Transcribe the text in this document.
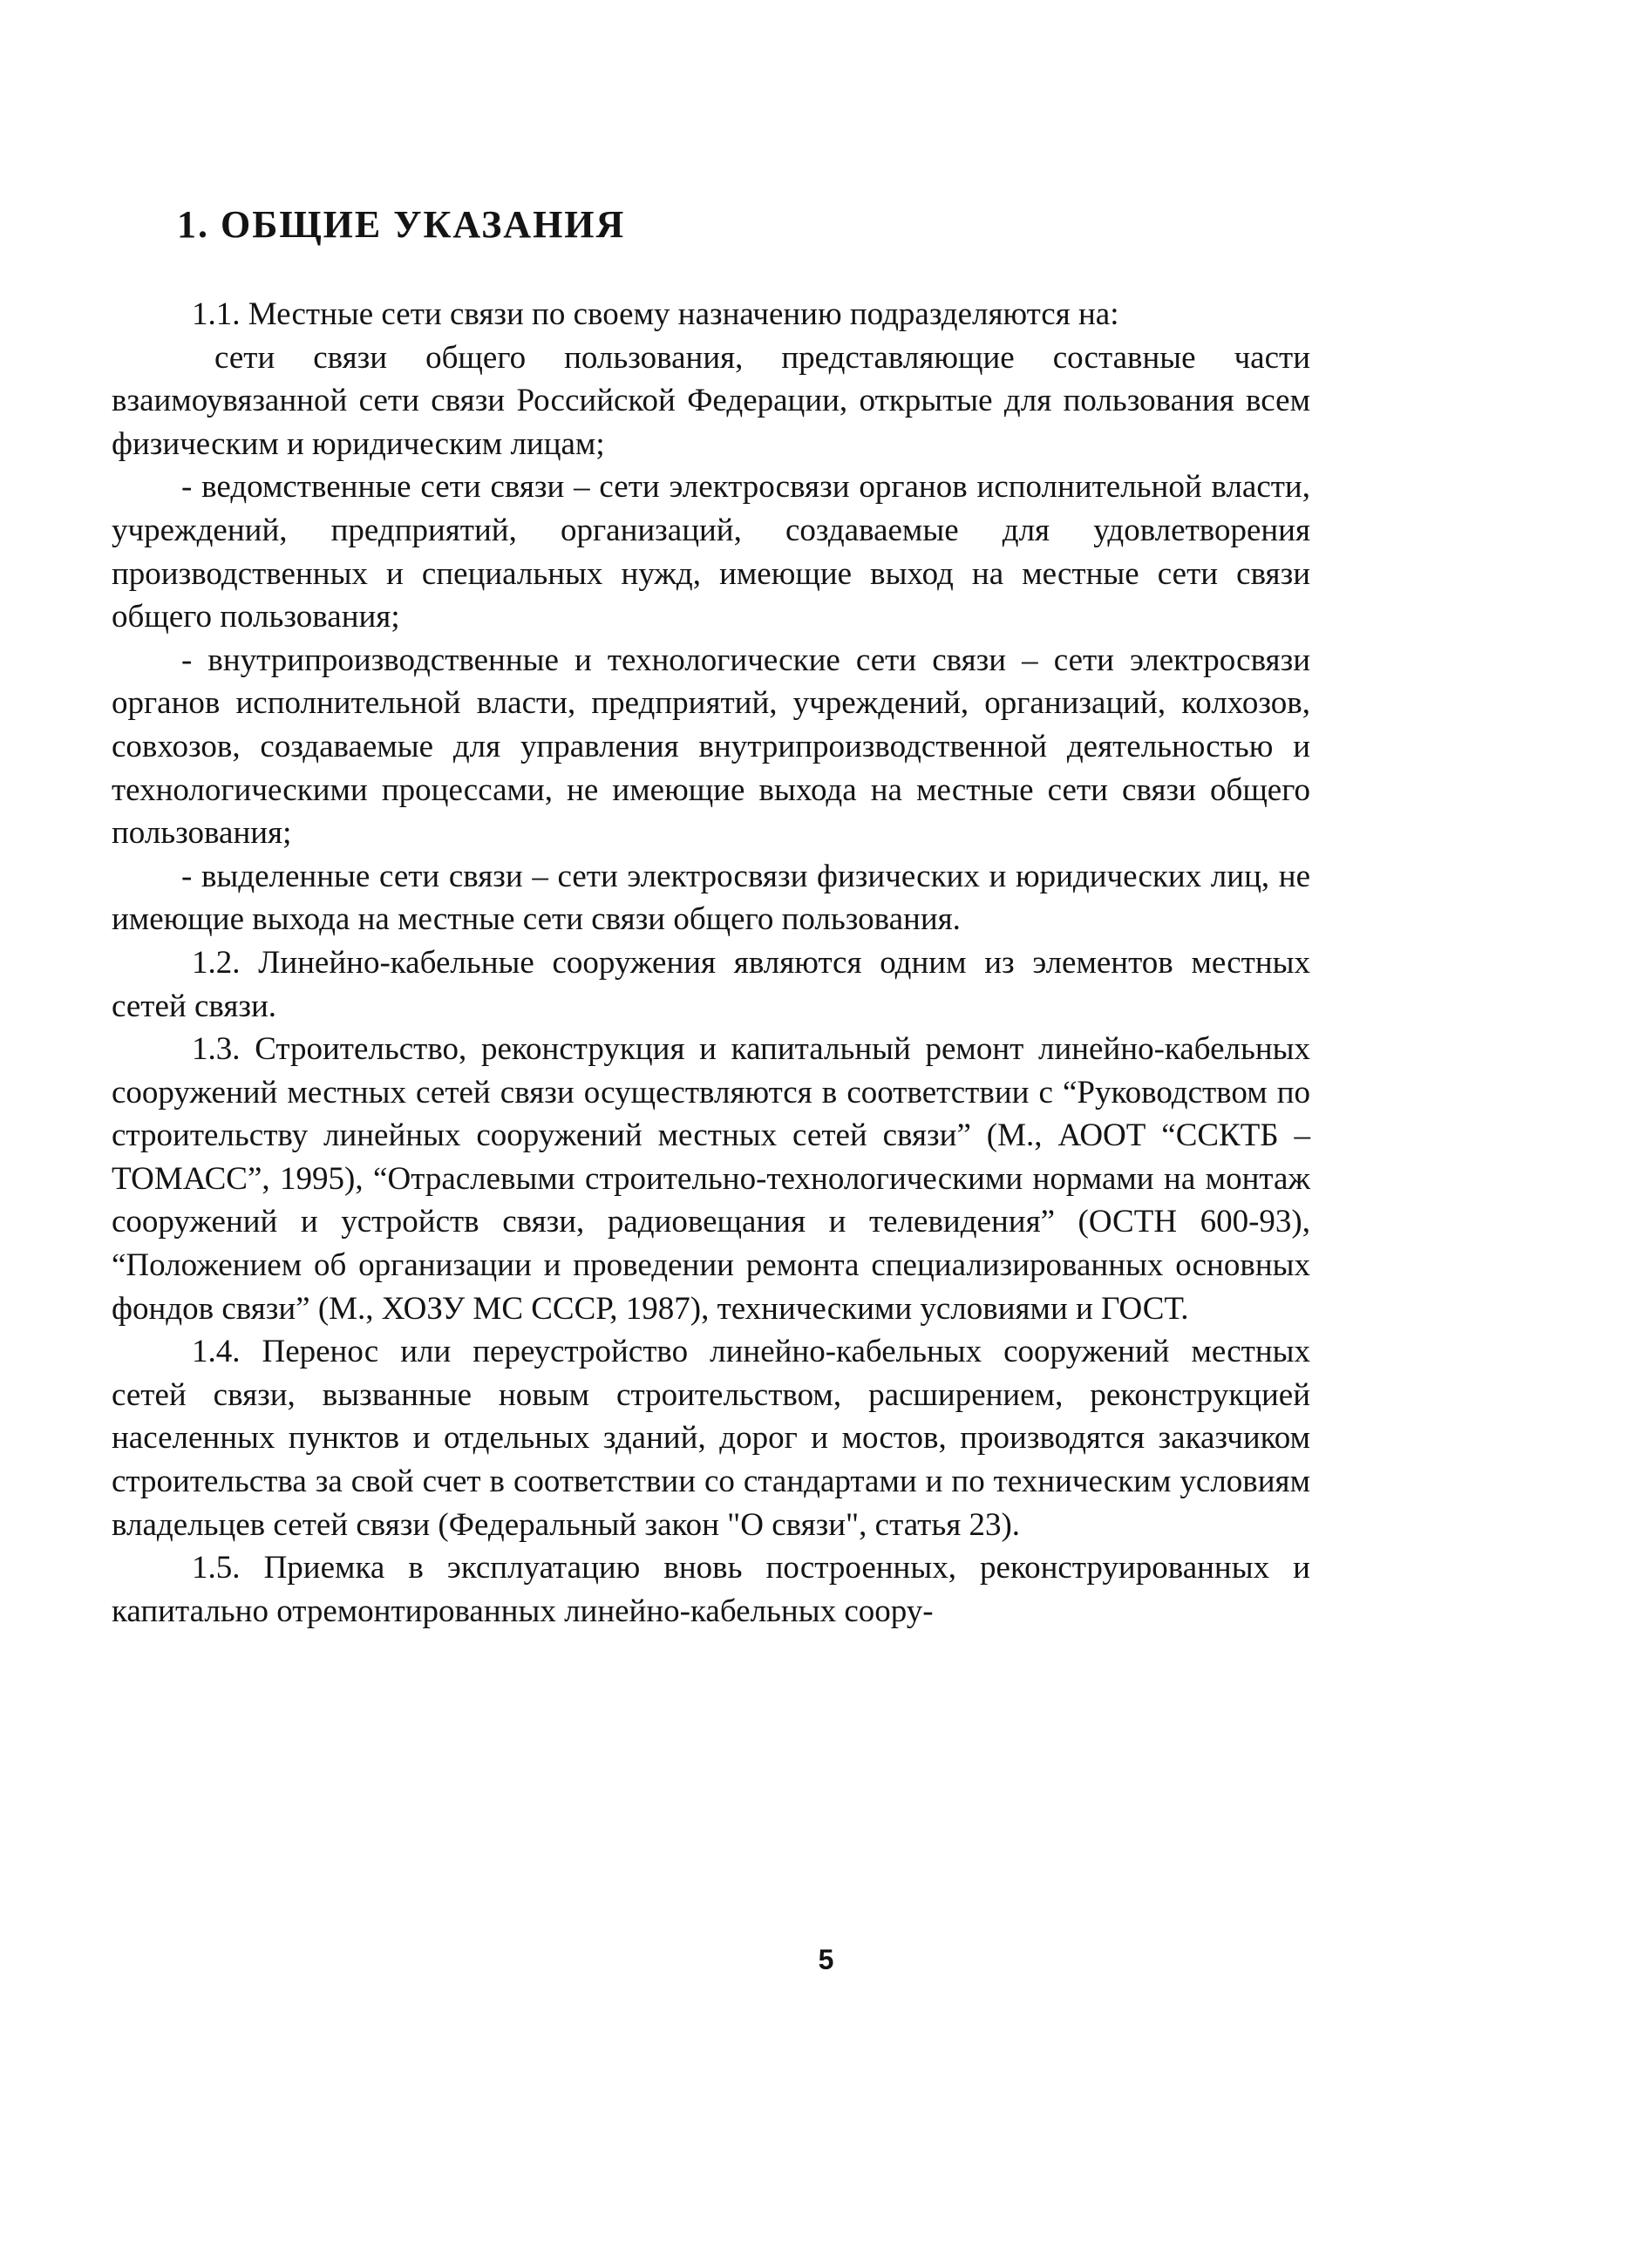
1. ОБЩИЕ УКАЗАНИЯ

1.1. Местные сети связи по своему назначению подразделяются на:

сети связи общего пользования, представляющие составные части взаимоувязанной сети связи Российской Федерации, открытые для пользования всем физическим и юридическим лицам;

- ведомственные сети связи – сети электросвязи органов исполнительной власти, учреждений, предприятий, организаций, создаваемые для удовлетворения производственных и специальных нужд, имеющие выход на местные сети связи общего пользования;

- внутрипроизводственные и технологические сети связи – сети электросвязи органов исполнительной власти, предприятий, учреждений, организаций, колхозов, совхозов, создаваемые для управления внутрипроизводственной деятельностью и технологическими процессами, не имеющие выхода на местные сети связи общего пользования;

- выделенные сети связи – сети электросвязи физических и юридических лиц, не имеющие выхода на местные сети связи общего пользования.

1.2. Линейно-кабельные сооружения являются одним из элементов местных сетей связи.

1.3. Строительство, реконструкция и капитальный ремонт линейно-кабельных сооружений местных сетей связи осуществляются в соответствии с “Руководством по строительству линейных сооружений местных сетей связи” (М., АООТ “ССКТБ – ТОМАСС”, 1995), “Отраслевыми строительно-технологическими нормами на монтаж сооружений и устройств связи, радиовещания и телевидения” (ОСТН 600-93), “Положением об организации и проведении ремонта специализированных основных фондов связи” (М., ХОЗУ МС СССР, 1987), техническими условиями и ГОСТ.

1.4. Перенос или переустройство линейно-кабельных сооружений местных сетей связи, вызванные новым строительством, расширением, реконструкцией населенных пунктов и отдельных зданий, дорог и мостов, производятся заказчиком строительства за свой счет в соответствии со стандартами и по техническим условиям владельцев сетей связи (Федеральный закон "О связи", статья 23).

1.5. Приемка в эксплуатацию вновь построенных, реконструированных и капитально отремонтированных линейно-кабельных соору-

5
